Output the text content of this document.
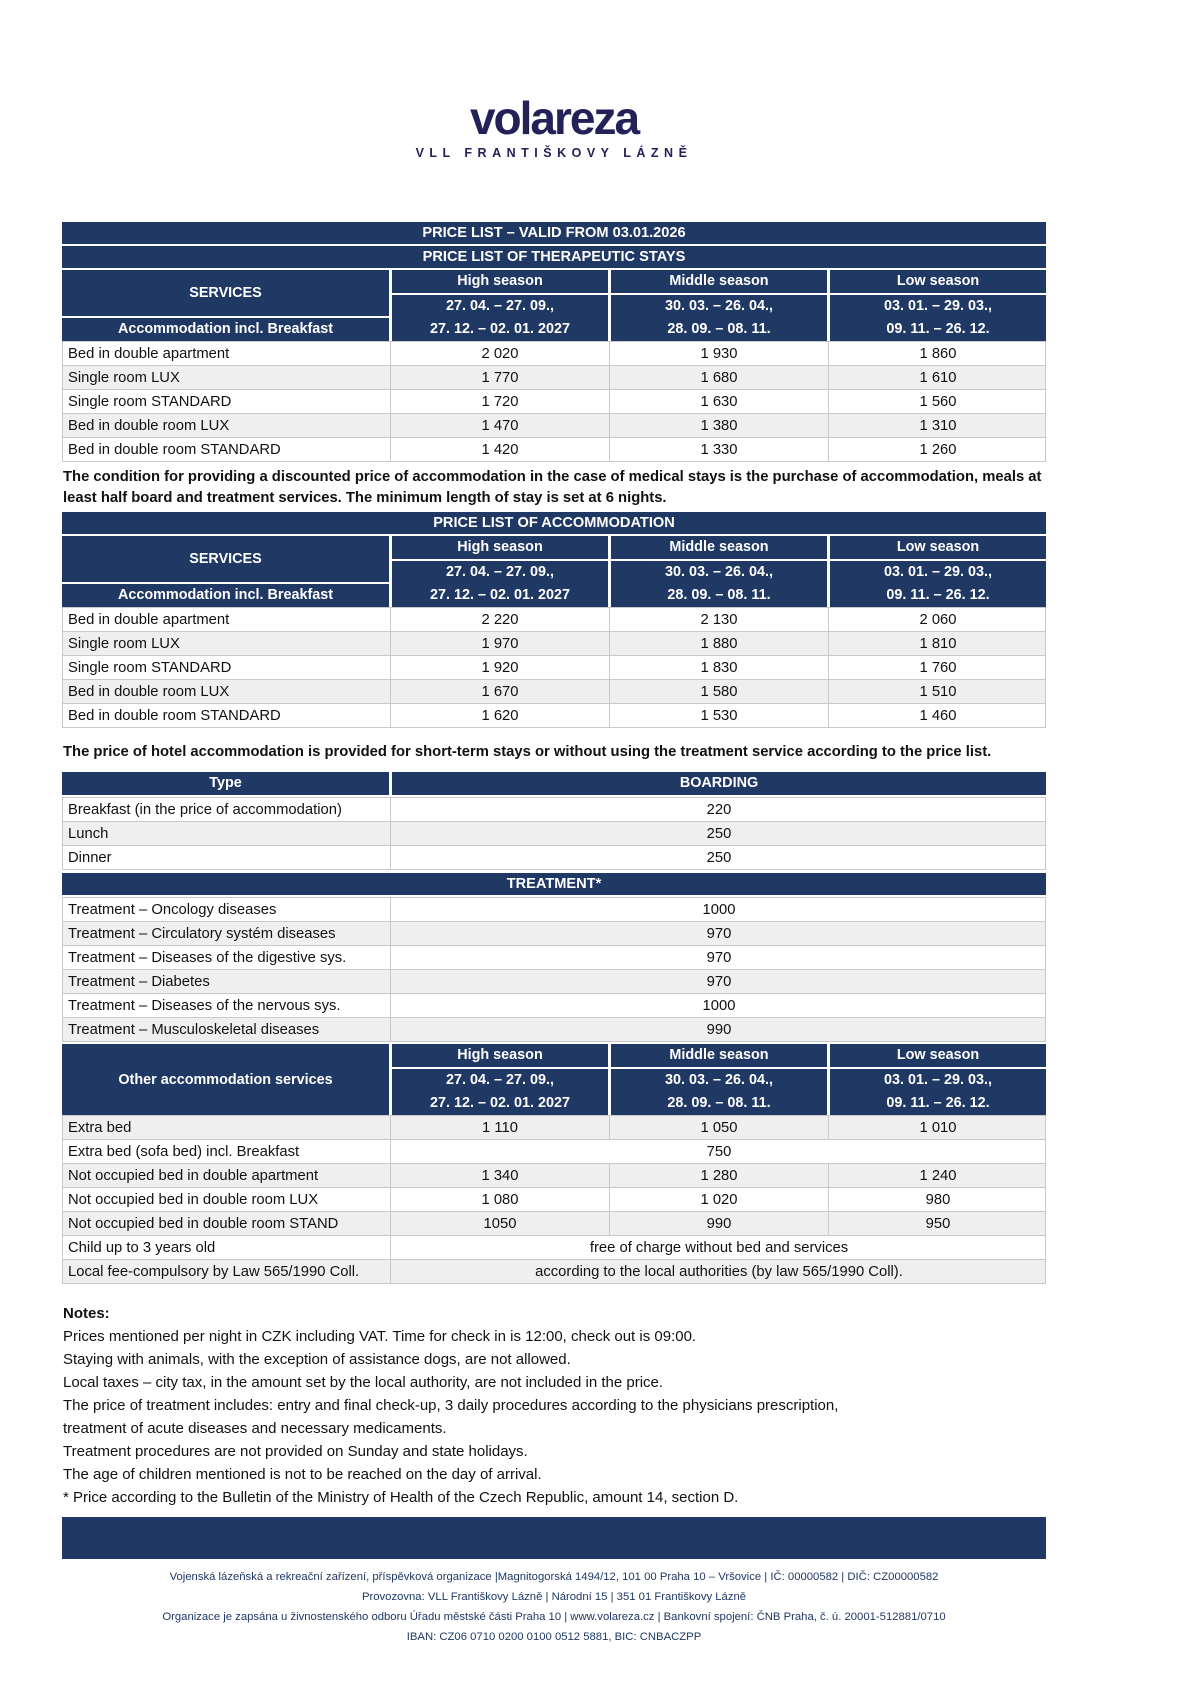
volareza
VLL FRANTIŠKOVY LÁZNĚ
PRICE LIST – VALID FROM 03.01.2026
PRICE LIST OF THERAPEUTIC STAYS
SERVICES
Accommodation incl. Breakfast
High season
27. 04. – 27. 09.,
27. 12. – 02. 01. 2027
Middle season
30. 03. – 26. 04.,
28. 09. – 08. 11.
Low season
03. 01. – 29. 03.,
09. 11. – 26. 12.
Bed in double apartment	2 020	1 930	1 860
Single room LUX	1 770	1 680	1 610
Single room STANDARD	1 720	1 630	1 560
Bed in double room LUX	1 470	1 380	1 310
Bed in double room STANDARD	1 420	1 330	1 260

The condition for providing a discounted price of accommodation in the case of medical stays is the purchase of accommodation, meals at least half board and treatment services. The minimum length of stay is set at 6 nights.

PRICE LIST OF ACCOMMODATION
SERVICES
Accommodation incl. Breakfast
High season
27. 04. – 27. 09.,
27. 12. – 02. 01. 2027
Middle season
30. 03. – 26. 04.,
28. 09. – 08. 11.
Low season
03. 01. – 29. 03.,
09. 11. – 26. 12.
Bed in double apartment	2 220	2 130	2 060
Single room LUX	1 970	1 880	1 810
Single room STANDARD	1 920	1 830	1 760
Bed in double room LUX	1 670	1 580	1 510
Bed in double room STANDARD	1 620	1 530	1 460

The price of hotel accommodation is provided for short-term stays or without using the treatment service according to the price list.

Type	BOARDING
Breakfast (in the price of accommodation)	220
Lunch	250
Dinner	250
TREATMENT*
Treatment – Oncology diseases	1000
Treatment – Circulatory systém diseases	970
Treatment – Diseases of the digestive sys.	970
Treatment – Diabetes	970
Treatment – Diseases of the nervous sys.	1000
Treatment – Musculoskeletal diseases	990
Other accommodation services
High season
27. 04. – 27. 09.,
27. 12. – 02. 01. 2027
Middle season
30. 03. – 26. 04.,
28. 09. – 08. 11.
Low season
03. 01. – 29. 03.,
09. 11. – 26. 12.
Extra bed	1 110	1 050	1 010
Extra bed (sofa bed) incl. Breakfast	750
Not occupied bed in double apartment	1 340	1 280	1 240
Not occupied bed in double room LUX	1 080	1 020	980
Not occupied bed in double room STAND	1050	990	950
Child up to 3 years old	free of charge without bed and services
Local fee-compulsory by Law 565/1990 Coll.	according to the local authorities (by law 565/1990 Coll).

Notes:

Prices mentioned per night in CZK including VAT. Time for check in is 12:00, check out is 09:00.

Staying with animals, with the exception of assistance dogs, are not allowed.

Local taxes – city tax, in the amount set by the local authority, are not included in the price.

The price of treatment includes: entry and final check-up, 3 daily procedures according to the physicians prescription,

treatment of acute diseases and necessary medicaments.

Treatment procedures are not provided on Sunday and state holidays.

The age of children mentioned is not to be reached on the day of arrival.

* Price according to the Bulletin of the Ministry of Health of the Czech Republic, amount 14, section D.

Vojenská lázeňská a rekreační zařízení, příspěvková organizace |Magnitogorská 1494/12, 101 00 Praha 10 – Vršovice | IČ: 00000582 | DIČ: CZ00000582

Provozovna: VLL Františkovy Lázně | Národní 15 | 351 01 Františkovy Lázně

Organizace je zapsána u živnostenského odboru Úřadu městské části Praha 10 | www.volareza.cz | Bankovní spojení: ČNB Praha, č. ú. 20001-512881/0710

IBAN: CZ06 0710 0200 0100 0512 5881, BIC: CNBACZPP
